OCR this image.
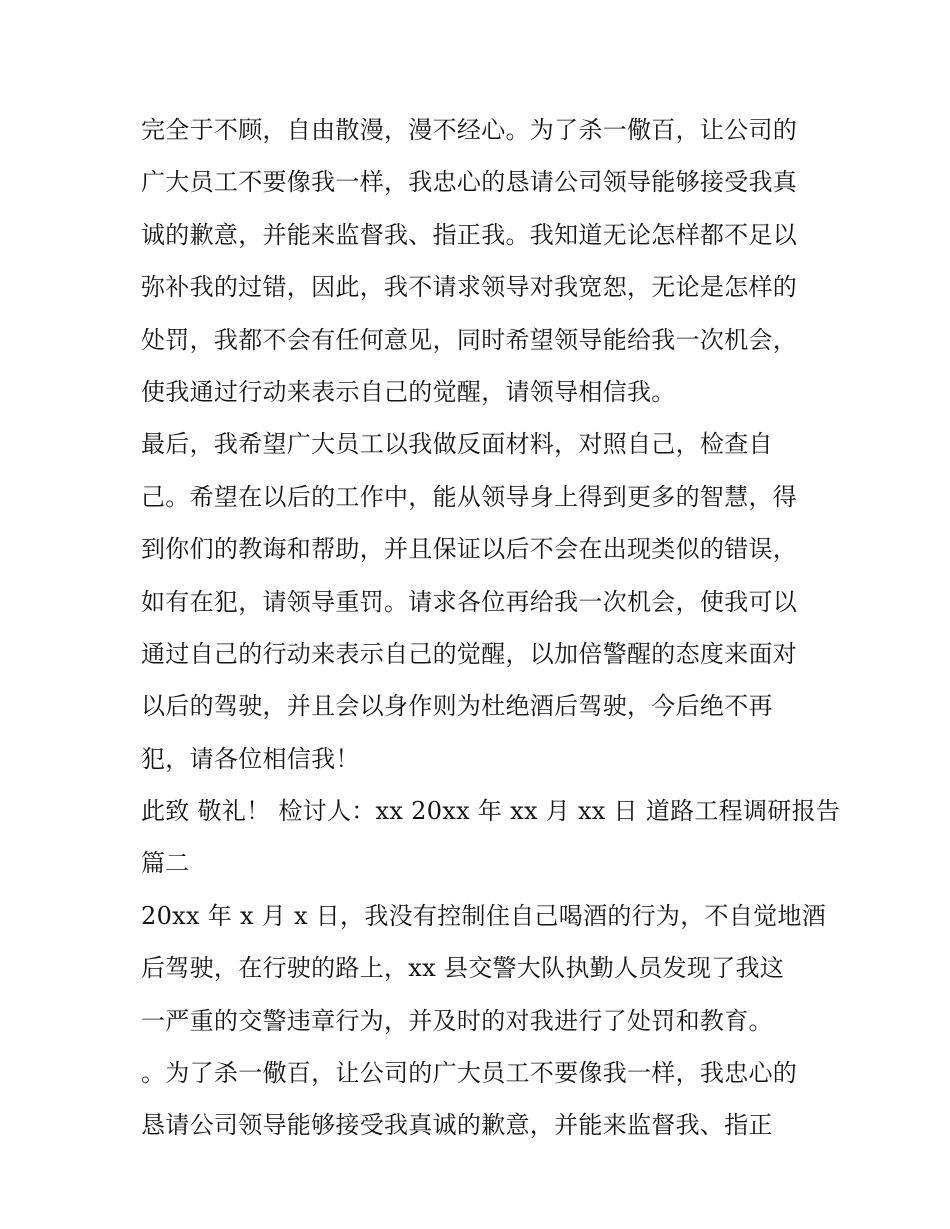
完全于不顾，自由散漫，漫不经心。为了杀一儆百，让公司的
广大员工不要像我一样，我忠心的恳请公司领导能够接受我真
诚的歉意，并能来监督我、指正我。我知道无论怎样都不足以
弥补我的过错，因此，我不请求领导对我宽恕，无论是怎样的
处罚，我都不会有任何意见，同时希望领导能给我一次机会，
使我通过行动来表示自己的觉醒，请领导相信我。
最后，我希望广大员工以我做反面材料，对照自己，检查自
己。希望在以后的工作中，能从领导身上得到更多的智慧，得
到你们的教诲和帮助，并且保证以后不会在出现类似的错误，
如有在犯，请领导重罚。请求各位再给我一次机会，使我可以
通过自己的行动来表示自己的觉醒，以加倍警醒的态度来面对
以后的驾驶，并且会以身作则为杜绝酒后驾驶，今后绝不再
犯，请各位相信我！
此致 敬礼！ 检讨人：xx 20xx 年 xx 月 xx 日 道路工程调研报告
篇二
20xx 年 x 月 x 日，我没有控制住自己喝酒的行为，不自觉地酒
后驾驶，在行驶的路上，xx 县交警大队执勤人员发现了我这
一严重的交警违章行为，并及时的对我进行了处罚和教育。
。为了杀一儆百，让公司的广大员工不要像我一样，我忠心的
恳请公司领导能够接受我真诚的歉意，并能来监督我、指正
